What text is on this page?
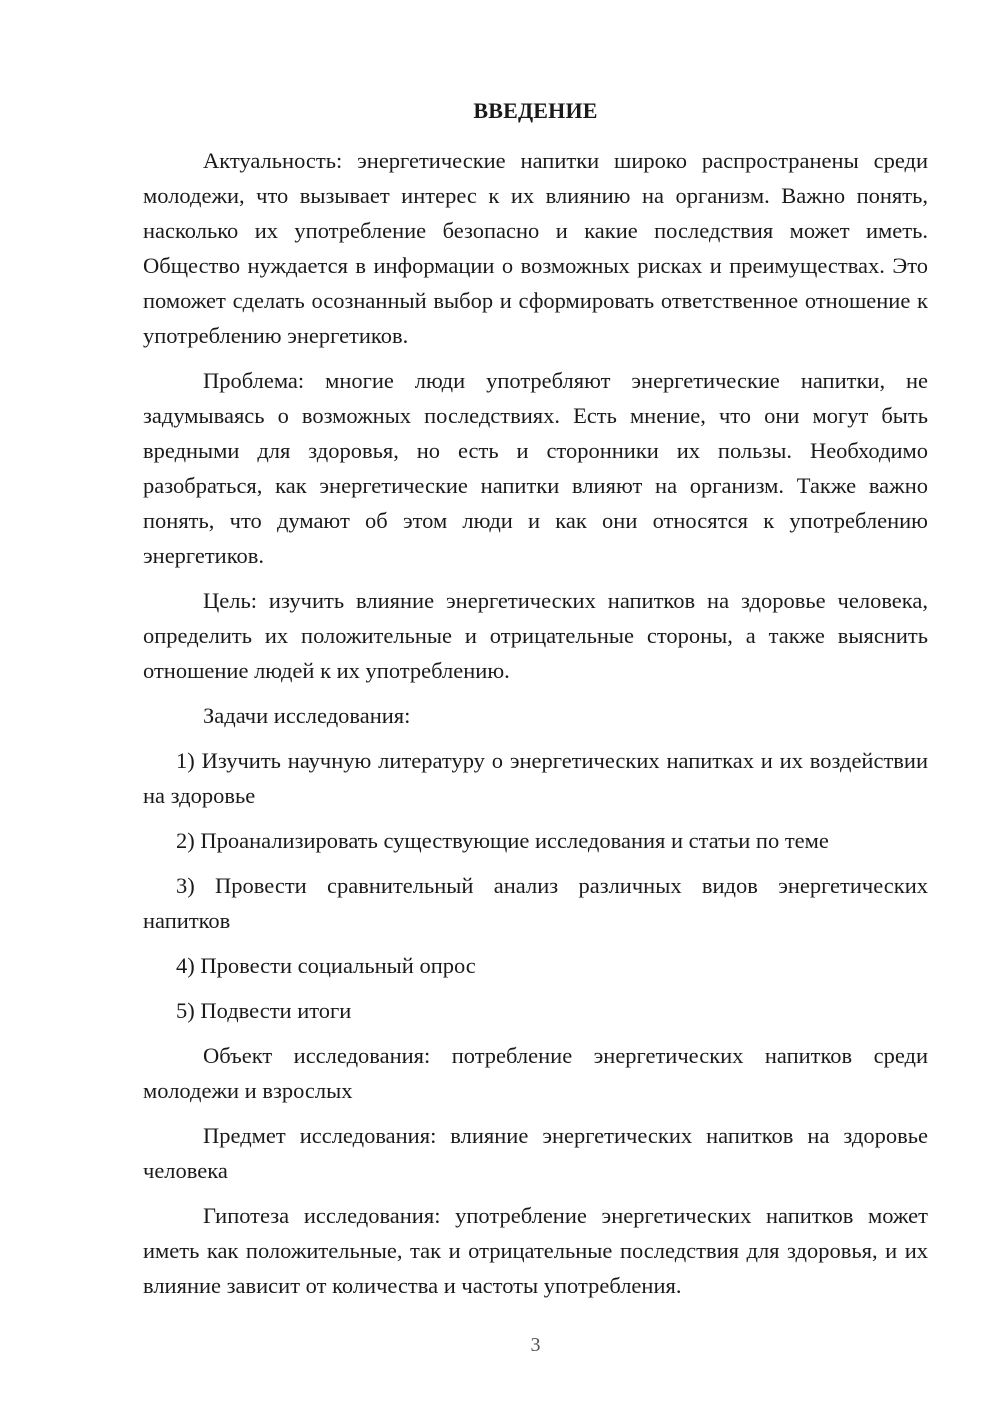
ВВЕДЕНИЕ

Актуальность: энергетические напитки широко распространены среди молодежи, что вызывает интерес к их влиянию на организм. Важно понять, насколько их употребление безопасно и какие последствия может иметь. Общество нуждается в информации о возможных рисках и преимуществах. Это поможет сделать осознанный выбор и сформировать ответственное отношение к употреблению энергетиков.

Проблема: многие люди употребляют энергетические напитки, не задумываясь о возможных последствиях. Есть мнение, что они могут быть вредными для здоровья, но есть и сторонники их пользы. Необходимо разобраться, как энергетические напитки влияют на организм. Также важно понять, что думают об этом люди и как они относятся к употреблению энергетиков.

Цель: изучить влияние энергетических напитков на здоровье человека, определить их положительные и отрицательные стороны, а также выяснить отношение людей к их употреблению.

Задачи исследования:

1) Изучить научную литературу о энергетических напитках и их воздействии на здоровье

2) Проанализировать существующие исследования и статьи по теме

3) Провести сравнительный анализ различных видов энергетических напитков

4) Провести социальный опрос

5) Подвести итоги

Объект исследования: потребление энергетических напитков среди молодежи и взрослых

Предмет исследования: влияние энергетических напитков на здоровье человека

Гипотеза исследования: употребление энергетических напитков может иметь как положительные, так и отрицательные последствия для здоровья, и их влияние зависит от количества и частоты употребления.

3
